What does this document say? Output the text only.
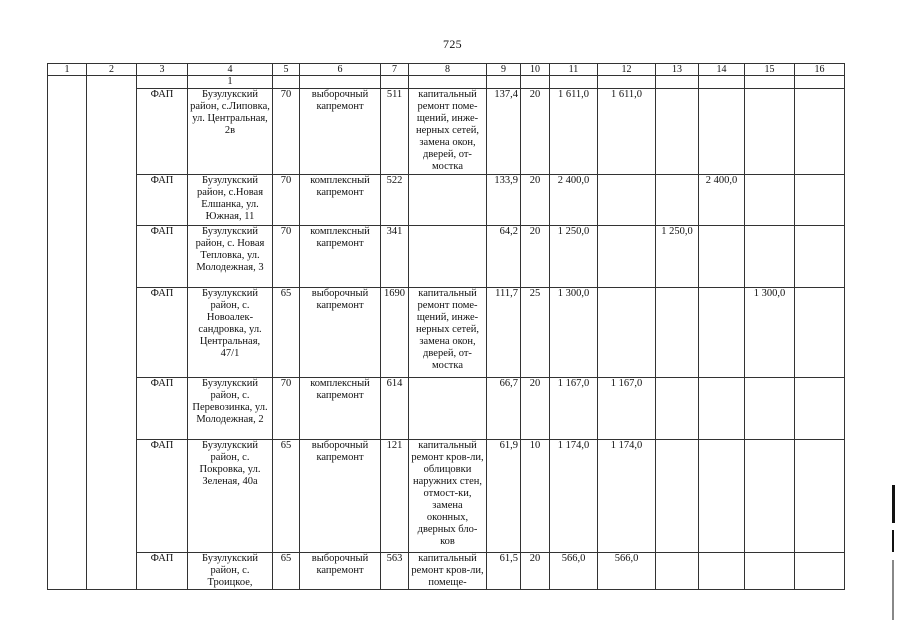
725
1	2	3	4	5	6	7	8	9	10	11	12	13	14	15	16
			1												
		ФАП	Бузулукский район, с.Липовка, ул. Центральная, 2в	70	выборочный капремонт	511	капитальный ремонт поме-щений, инже-нерных сетей, замена окон, дверей, от-мостка	137,4	20	1 611,0	1 611,0				
		ФАП	Бузулукский район, с.Новая Елшанка, ул. Южная, 11	70	комплексный капремонт	522		133,9	20	2 400,0			2 400,0		
		ФАП	Бузулукский район, с. Новая Тепловка, ул. Молодежная, 3	70	комплексный капремонт	341		64,2	20	1 250,0		1 250,0			
		ФАП	Бузулукский район, с. Новоалек-сандровка, ул. Центральная, 47/1	65	выборочный капремонт	1690	капитальный ремонт поме-щений, инже-нерных сетей, замена окон, дверей, от-мостка	111,7	25	1 300,0				1 300,0	
		ФАП	Бузулукский район, с. Перевозинка, ул. Молодежная, 2	70	комплексный капремонт	614		66,7	20	1 167,0	1 167,0				
		ФАП	Бузулукский район, с. Покровка, ул. Зеленая, 40а	65	выборочный капремонт	121	капитальный ремонт кров-ли, облицовки наружних стен, отмост-ки, замена оконных, дверных бло-ков	61,9	10	1 174,0	1 174,0				
		ФАП	Бузулукский район, с. Троицкое,	65	выборочный капремонт	563	капитальный ремонт кров-ли, помеще-	61,5	20	566,0	566,0				
